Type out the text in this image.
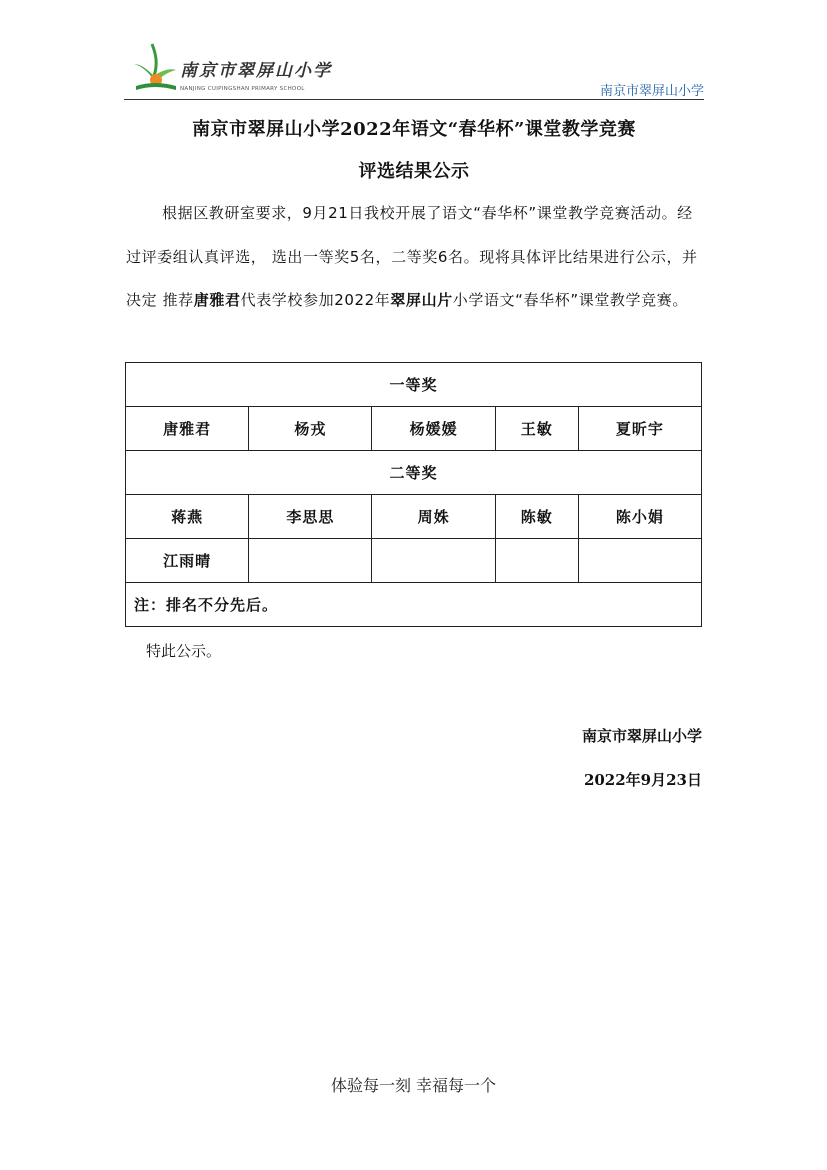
南京市翠屏山小学
NANJING CUIPINGSHAN PRIMARY SCHOOL	南京市翠屏山小学
南京市翠屏山小学2022年语文“春华杯”课堂教学竞赛
评选结果公示
根据区教研室要求，9月21日我校开展了语文“春华杯”课堂教学竞赛活动。经过评委组认真评选， 选出一等奖5名，二等奖6名。现将具体评比结果进行公示，并决定 推荐唐雅君代表学校参加2022年翠屏山片小学语文“春华杯”课堂教学竞赛。
一等奖				
唐雅君	杨戎	杨媛媛	王敏	夏昕宇
二等奖				
蒋燕	李思思	周姝	陈敏	陈小娟
江雨晴				
注：排名不分先后。				
特此公示。
南京市翠屏山小学
2022年9月23日
体验每一刻 幸福每一个
